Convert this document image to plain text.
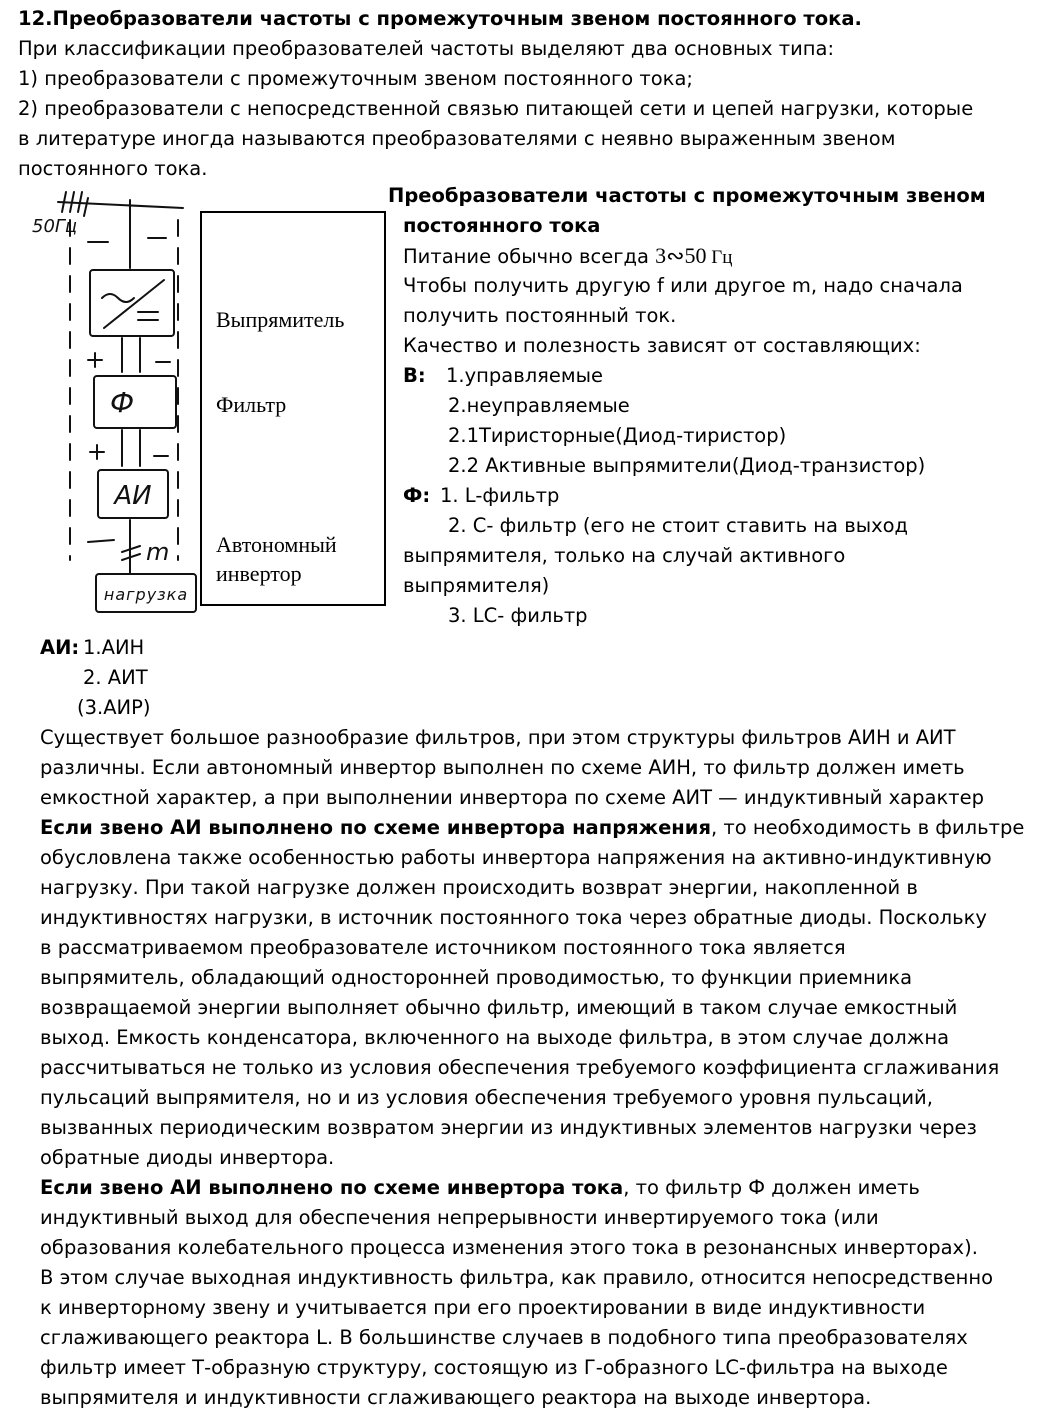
12.Преобразователи частоты с промежуточным звеном постоянного тока.
При классификации преобразователей частоты выделяют два основных типа:
1) преобразователи с промежуточным звеном постоянного тока;
2) преобразователи с непосредственной связью питающей сети и цепей нагрузки, которые
в литературе иногда называются преобразователями с неявно выраженным звеном
постоянного тока.
50Гц
Ф
АИ
m
нагрузка
Выпрямитель
Фильтр
Автономный
инвертор
Преобразователи частоты с промежуточным звеном
постоянного тока
Питание обычно всегда 3∾50 Гц
Чтобы получить другую f или другое m, надо сначала
получить постоянный ток.
Качество и полезность зависят от составляющих:
В: 1.управляемые
2.неуправляемые
2.1Тиристорные(Диод-тиристор)
2.2 Активные выпрямители(Диод-транзистор)
Ф: 1. L-фильтр
2. С- фильтр (его не стоит ставить на выход
выпрямителя, только на случай активного
выпрямителя)
3. LC- фильтр
АИ: 1.АИН
2. АИТ
(3.АИР)
Существует большое разнообразие фильтров, при этом структуры фильтров АИН и АИТ
различны. Если автономный инвертор выполнен по схеме АИН, то фильтр должен иметь
емкостной характер, а при выполнении инвертора по схеме АИТ — индуктивный характер
Если звено АИ выполнено по схеме инвертора напряжения, то необходимость в фильтре
обусловлена также особенностью работы инвертора напряжения на активно-индуктивную
нагрузку. При такой нагрузке должен происходить возврат энергии, накопленной в
индуктивностях нагрузки, в источник постоянного тока через обратные диоды. Поскольку
в рассматриваемом преобразователе источником постоянного тока является
выпрямитель, обладающий односторонней проводимостью, то функции приемника
возвращаемой энергии выполняет обычно фильтр, имеющий в таком случае емкостный
выход. Емкость конденсатора, включенного на выходе фильтра, в этом случае должна
рассчитываться не только из условия обеспечения требуемого коэффициента сглаживания
пульсаций выпрямителя, но и из условия обеспечения требуемого уровня пульсаций,
вызванных периодическим возвратом энергии из индуктивных элементов нагрузки через
обратные диоды инвертора.
Если звено АИ выполнено по схеме инвертора тока, то фильтр Ф должен иметь
индуктивный выход для обеспечения непрерывности инвертируемого тока (или
образования колебательного процесса изменения этого тока в резонансных инверторах).
В этом случае выходная индуктивность фильтра, как правило, относится непосредственно
к инверторному звену и учитывается при его проектировании в виде индуктивности
сглаживающего реактора L. В большинстве случаев в подобного типа преобразователях
фильтр имеет Т-образную структуру, состоящую из Г-образного LC-фильтра на выходе
выпрямителя и индуктивности сглаживающего реактора на выходе инвертора.
